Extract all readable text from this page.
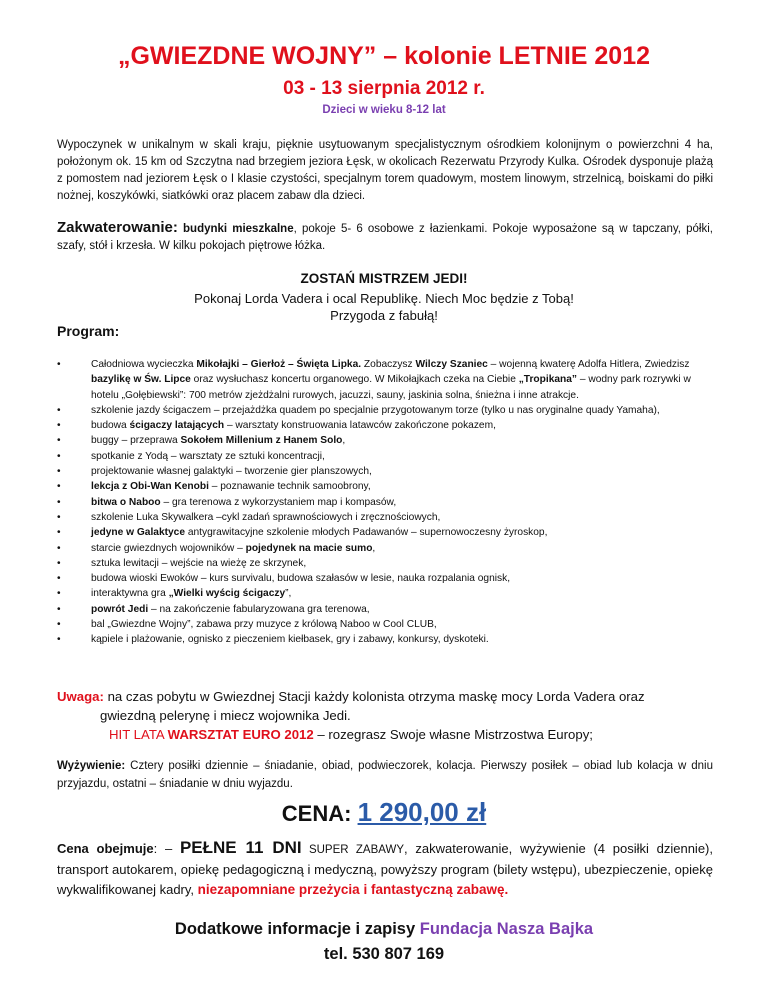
„GWIEZDNE WOJNY” – kolonie LETNIE 2012
03 - 13 sierpnia 2012 r.
Dzieci w wieku 8-12 lat
Wypoczynek w unikalnym w skali kraju, pięknie usytuowanym specjalistycznym ośrodkiem kolonijnym o powierzchni 4 ha, położonym ok. 15 km od Szczytna nad brzegiem jeziora Łęsk, w okolicach Rezerwatu Przyrody Kulka. Ośrodek dysponuje plażą z pomostem nad jeziorem Łęsk o I klasie czystości, specjalnym torem quadowym, mostem linowym, strzelnicą, boiskami do piłki nożnej, koszykówki, siatkówki oraz placem zabaw dla dzieci.
Zakwaterowanie: budynki mieszkalne, pokoje 5- 6 osobowe z łazienkami. Pokoje wyposażone są w tapczany, półki, szafy, stół i krzesła. W kilku pokojach piętrowe łóżka.
ZOSTAŃ MISTRZEM JEDI!
Pokonaj Lorda Vadera i ocal Republikę. Niech Moc będzie z Tobą!
Przygoda z fabułą!
Program:
•	Całodniowa wycieczka Mikołajki – Gierłoż – Święta Lipka. Zobaczysz Wilczy Szaniec – wojenną kwaterę Adolfa Hitlera, Zwiedzisz bazylikę w Św. Lipce oraz wysłuchasz koncertu organowego. W Mikołajkach czeka na Ciebie „Tropikana” – wodny park rozrywki w hotelu „Gołębiewski”: 700 metrów zjeżdżalni rurowych, jacuzzi, sauny, jaskinia solna, śnieżna i inne atrakcje.
•	szkolenie jazdy ścigaczem – przejażdżka quadem po specjalnie przygotowanym torze (tylko u nas oryginalne quady Yamaha),
•	budowa ścigaczy latających – warsztaty konstruowania latawców zakończone pokazem,
•	buggy – przeprawa Sokołem Millenium z Hanem Solo,
•	spotkanie z Yodą – warsztaty ze sztuki koncentracji,
•	projektowanie własnej galaktyki – tworzenie gier planszowych,
•	lekcja z Obi-Wan Kenobi – poznawanie technik samoobrony,
•	bitwa o Naboo – gra terenowa z wykorzystaniem map i kompasów,
•	szkolenie Luka Skywalkera –cykl zadań sprawnościowych i zręcznościowych,
•	jedyne w Galaktyce antygrawitacyjne szkolenie młodych Padawanów – supernowoczesny żyroskop,
•	starcie gwiezdnych wojowników – pojedynek na macie sumo,
•	sztuka lewitacji – wejście na wieżę ze skrzynek,
•	budowa wioski Ewoków – kurs survivalu, budowa szałasów w lesie, nauka rozpalania ognisk,
•	interaktywna gra „Wielki wyścig ścigaczy”,
•	powrót Jedi – na zakończenie fabularyzowana gra terenowa,
•	bal „Gwiezdne Wojny”, zabawa przy muzyce z królową Naboo w Cool CLUB,
•	kąpiele i plażowanie, ognisko z pieczeniem kiełbasek, gry i zabawy, konkursy, dyskoteki.
Uwaga: na czas pobytu w Gwiezdnej Stacji każdy kolonista otrzyma maskę mocy Lorda Vadera oraz
gwiezdną pelerynę i miecz wojownika Jedi.
HIT LATA WARSZTAT EURO 2012 – rozegrasz Swoje własne Mistrzostwa Europy;
Wyżywienie: Cztery posiłki dziennie – śniadanie, obiad, podwieczorek, kolacja. Pierwszy posiłek – obiad lub kolacja w dniu przyjazdu, ostatni – śniadanie w dniu wyjazdu.
CENA: 1 290,00 zł
Cena obejmuje: – PEŁNE 11 DNI SUPER ZABAWY, zakwaterowanie, wyżywienie (4 posiłki dziennie), transport autokarem, opiekę pedagogiczną i medyczną, powyższy program (bilety wstępu), ubezpieczenie, opiekę wykwalifikowanej kadry, niezapomniane przeżycia i fantastyczną zabawę.
Dodatkowe informacje i zapisy Fundacja Nasza Bajka
tel. 530 807 169
